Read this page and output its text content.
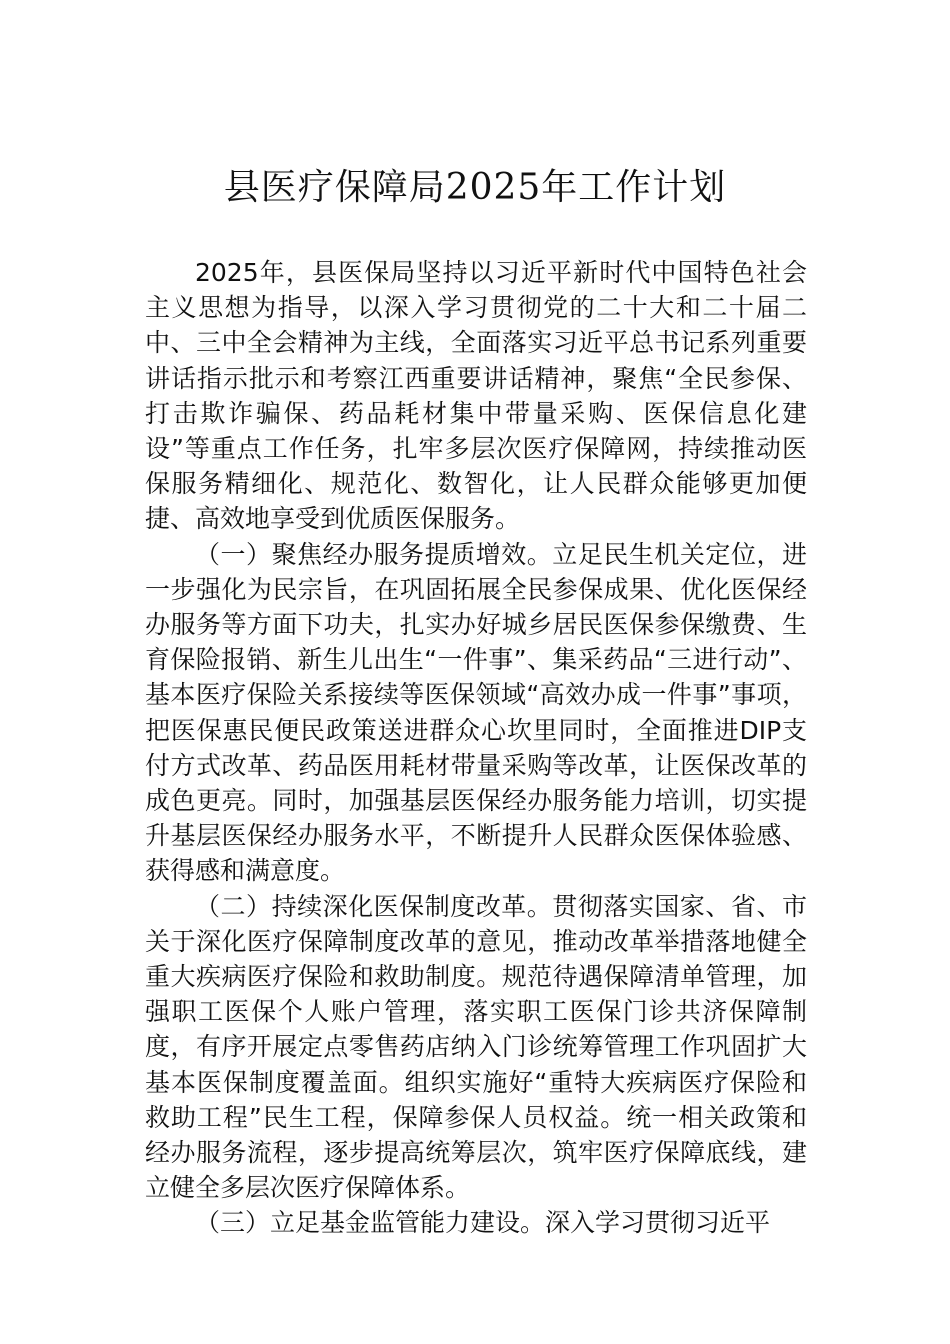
县医疗保障局2025年工作计划

2025年，县医保局坚持以习近平新时代中国特色社会主义思想为指导，以深入学习贯彻党的二十大和二十届二中、三中全会精神为主线，全面落实习近平总书记系列重要讲话指示批示和考察江西重要讲话精神，聚焦“全民参保、打击欺诈骗保、药品耗材集中带量采购、医保信息化建设”等重点工作任务，扎牢多层次医疗保障网，持续推动医保服务精细化、规范化、数智化，让人民群众能够更加便捷、高效地享受到优质医保服务。

（一）聚焦经办服务提质增效。立足民生机关定位，进一步强化为民宗旨，在巩固拓展全民参保成果、优化医保经办服务等方面下功夫，扎实办好城乡居民医保参保缴费、生育保险报销、新生儿出生“一件事”、集采药品“三进行动”、基本医疗保险关系接续等医保领域“高效办成一件事”事项，把医保惠民便民政策送进群众心坎里同时，全面推进DIP支付方式改革、药品医用耗材带量采购等改革，让医保改革的成色更亮。同时，加强基层医保经办服务能力培训，切实提升基层医保经办服务水平，不断提升人民群众医保体验感、获得感和满意度。

（二）持续深化医保制度改革。贯彻落实国家、省、市关于深化医疗保障制度改革的意见，推动改革举措落地健全重大疾病医疗保险和救助制度。规范待遇保障清单管理，加强职工医保个人账户管理，落实职工医保门诊共济保障制度，有序开展定点零售药店纳入门诊统筹管理工作巩固扩大基本医保制度覆盖面。组织实施好“重特大疾病医疗保险和救助工程”民生工程，保障参保人员权益。统一相关政策和经办服务流程，逐步提高统筹层次，筑牢医疗保障底线，建立健全多层次医疗保障体系。

（三）立足基金监管能力建设。深入学习贯彻习近平
